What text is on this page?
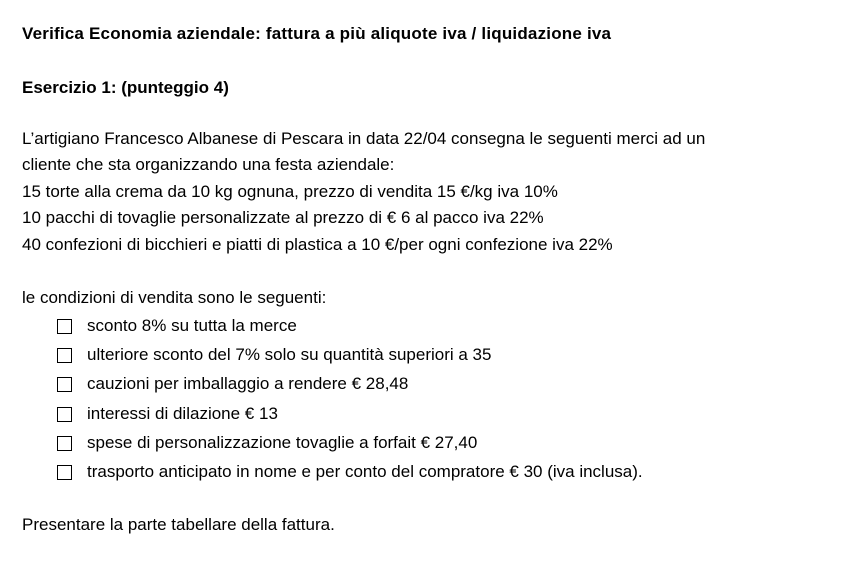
Verifica Economia aziendale: fattura a più aliquote iva / liquidazione iva
Esercizio 1: (punteggio 4)
L’artigiano Francesco Albanese di Pescara in data 22/04 consegna le seguenti merci ad un
cliente che sta organizzando una festa aziendale:
15 torte alla crema da 10 kg ognuna, prezzo di vendita 15 €/kg iva 10%
10 pacchi di tovaglie personalizzate al prezzo di € 6 al pacco iva 22%
40 confezioni di bicchieri e piatti di plastica a 10 €/per ogni confezione iva 22%
le condizioni di vendita sono le seguenti:
sconto 8% su tutta la merce
ulteriore sconto del 7% solo su quantità superiori a 35
cauzioni per imballaggio a rendere € 28,48
interessi di dilazione € 13
spese di personalizzazione tovaglie a forfait € 27,40
trasporto anticipato in nome e per conto del compratore € 30 (iva inclusa).
Presentare la parte tabellare della fattura.
